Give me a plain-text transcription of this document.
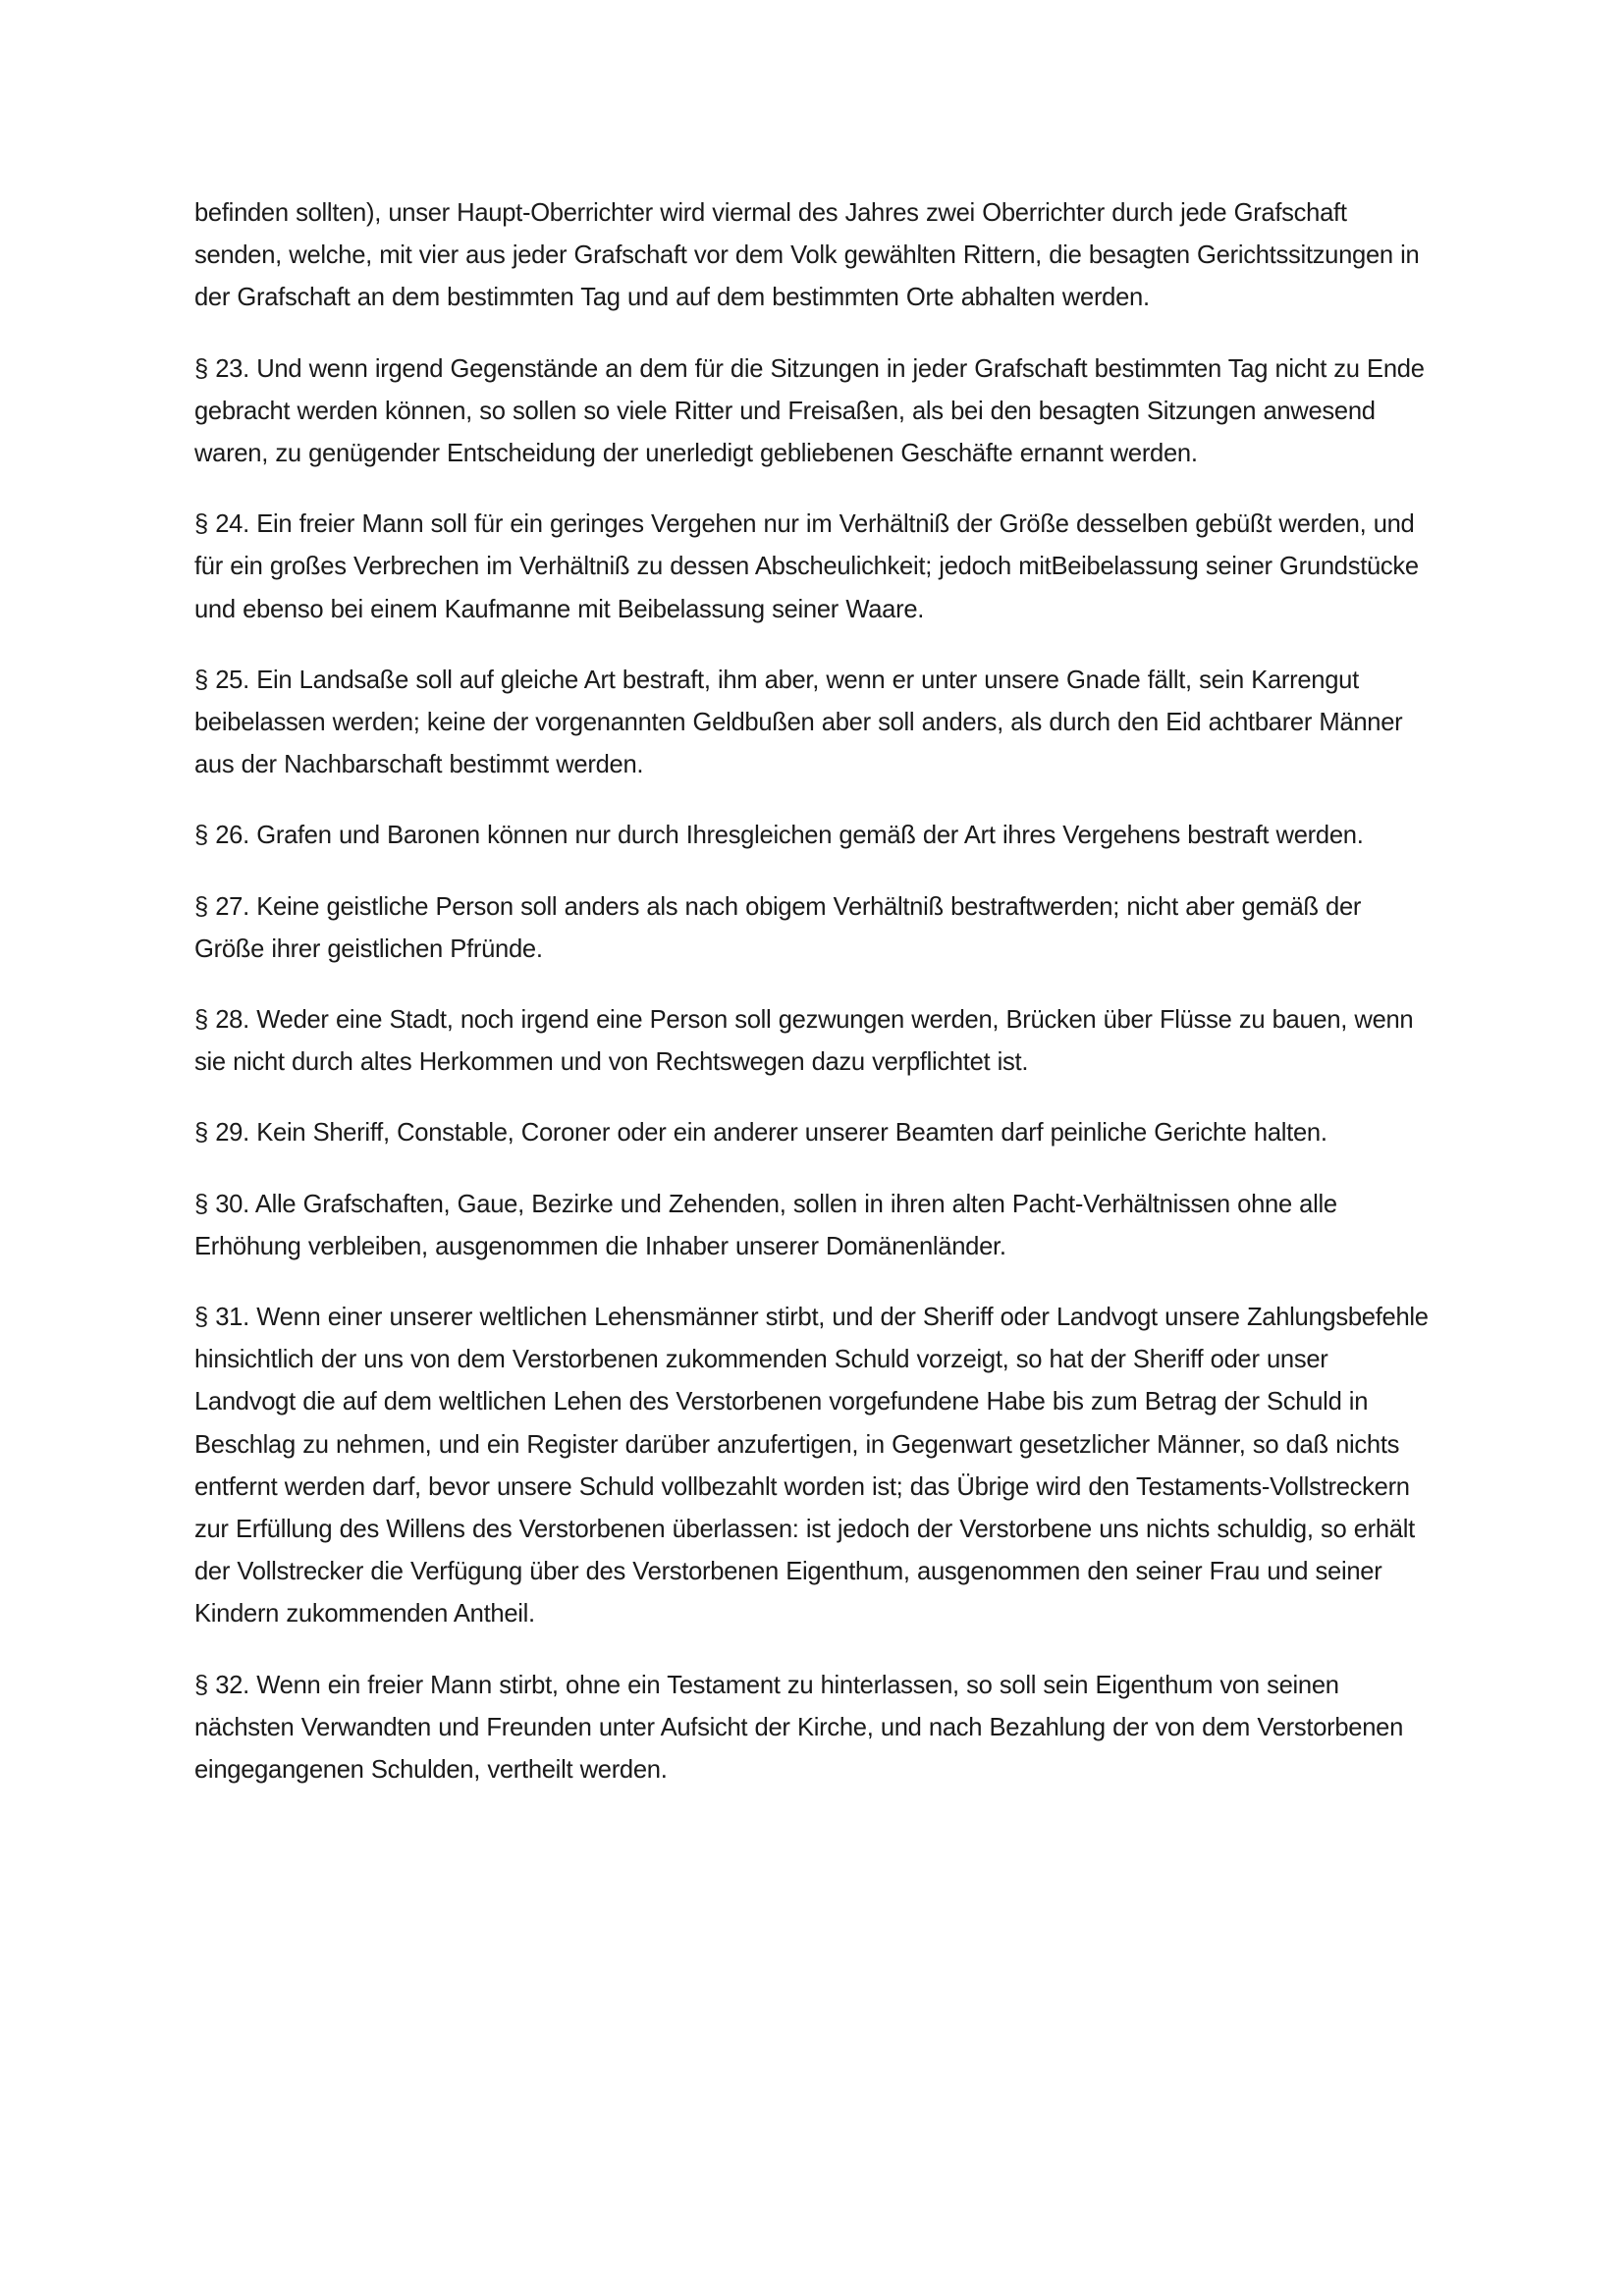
befinden sollten), unser Haupt-Oberrichter wird viermal des Jahres zwei Oberrichter durch jede Grafschaft senden, welche, mit vier aus jeder Grafschaft vor dem Volk gewählten Rittern, die besagten Gerichtssitzungen in der Grafschaft an dem bestimmten Tag und auf dem bestimmten Orte abhalten werden.

§ 23. Und wenn irgend Gegenstände an dem für die Sitzungen in jeder Grafschaft bestimmten Tag nicht zu Ende gebracht werden können, so sollen so viele Ritter und Freisaßen, als bei den besagten Sitzungen anwesend waren, zu genügender Entscheidung der unerledigt gebliebenen Geschäfte ernannt werden.

§ 24. Ein freier Mann soll für ein geringes Vergehen nur im Verhältniß der Größe desselben gebüßt werden, und für ein großes Verbrechen im Verhältniß zu dessen Abscheulichkeit; jedoch mitBeibelassung seiner Grundstücke und ebenso bei einem Kaufmanne mit Beibelassung seiner Waare.

§ 25. Ein Landsaße soll auf gleiche Art bestraft, ihm aber, wenn er unter unsere Gnade fällt, sein Karrengut beibelassen werden; keine der vorgenannten Geldbußen aber soll anders, als durch den Eid achtbarer Männer aus der Nachbarschaft bestimmt werden.

§ 26. Grafen und Baronen können nur durch Ihresgleichen gemäß der Art ihres Vergehens bestraft werden.

§ 27. Keine geistliche Person soll anders als nach obigem Verhältniß bestraftwerden; nicht aber gemäß der Größe ihrer geistlichen Pfründe.

§ 28. Weder eine Stadt, noch irgend eine Person soll gezwungen werden, Brücken über Flüsse zu bauen, wenn sie nicht durch altes Herkommen und von Rechtswegen dazu verpflichtet ist.

§ 29. Kein Sheriff, Constable, Coroner oder ein anderer unserer Beamten darf peinliche Gerichte halten.

§ 30. Alle Grafschaften, Gaue, Bezirke und Zehenden, sollen in ihren alten Pacht-Verhältnissen ohne alle Erhöhung verbleiben, ausgenommen die Inhaber unserer Domänenländer.

§ 31. Wenn einer unserer weltlichen Lehensmänner stirbt, und der Sheriff oder Landvogt unsere Zahlungsbefehle hinsichtlich der uns von dem Verstorbenen zukommenden Schuld vorzeigt, so hat der Sheriff oder unser Landvogt die auf dem weltlichen Lehen des Verstorbenen vorgefundene Habe bis zum Betrag der Schuld in Beschlag zu nehmen, und ein Register darüber anzufertigen, in Gegenwart gesetzlicher Männer, so daß nichts entfernt werden darf, bevor unsere Schuld vollbezahlt worden ist; das Übrige wird den Testaments-Vollstreckern zur Erfüllung des Willens des Verstorbenen überlassen: ist jedoch der Verstorbene uns nichts schuldig, so erhält der Vollstrecker die Verfügung über des Verstorbenen Eigenthum, ausgenommen den seiner Frau und seiner Kindern zukommenden Antheil.

§ 32. Wenn ein freier Mann stirbt, ohne ein Testament zu hinterlassen, so soll sein Eigenthum von seinen nächsten Verwandten und Freunden unter Aufsicht der Kirche, und nach Bezahlung der von dem Verstorbenen eingegangenen Schulden, vertheilt werden.
